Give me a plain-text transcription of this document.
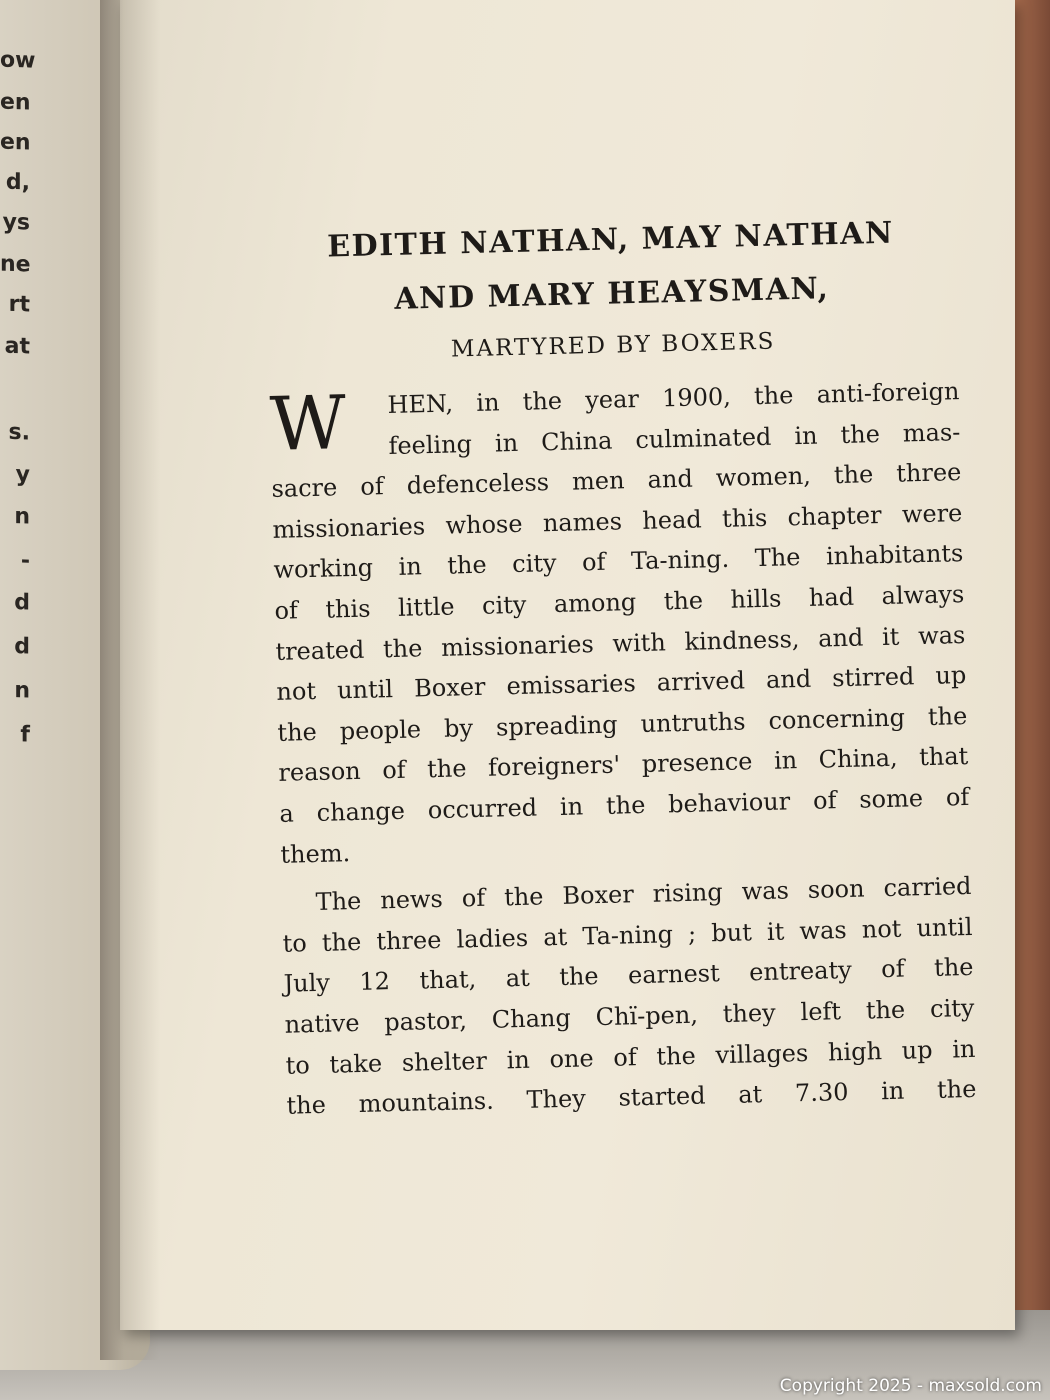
ow
en
en
d,
ys
ne
rt
at
s.
y
n
-
d
d
n
f
EDITH NATHAN, MAY NATHAN
AND MARY HEAYSMAN,
MARTYRED BY BOXERS
W	HEN, in the year 1900, the anti-foreign
feeling in China culminated in the mas-
sacre of defenceless men and women, the three
missionaries whose names head this chapter were
working in the city of Ta-ning. The inhabitants
of this little city among the hills had always
treated the missionaries with kindness, and it was
not until Boxer emissaries arrived and stirred up
the people by spreading untruths concerning the
reason of the foreigners' presence in China, that
a change occurred in the behaviour of some of
them.
The news of the Boxer rising was soon carried
to the three ladies at Ta-ning ; but it was not until
July 12 that, at the earnest entreaty of the
native pastor, Chang Chï-pen, they left the city
to take shelter in one of the villages high up in
the mountains. They started at 7.30 in the
Copyright 2025 - maxsold.com
